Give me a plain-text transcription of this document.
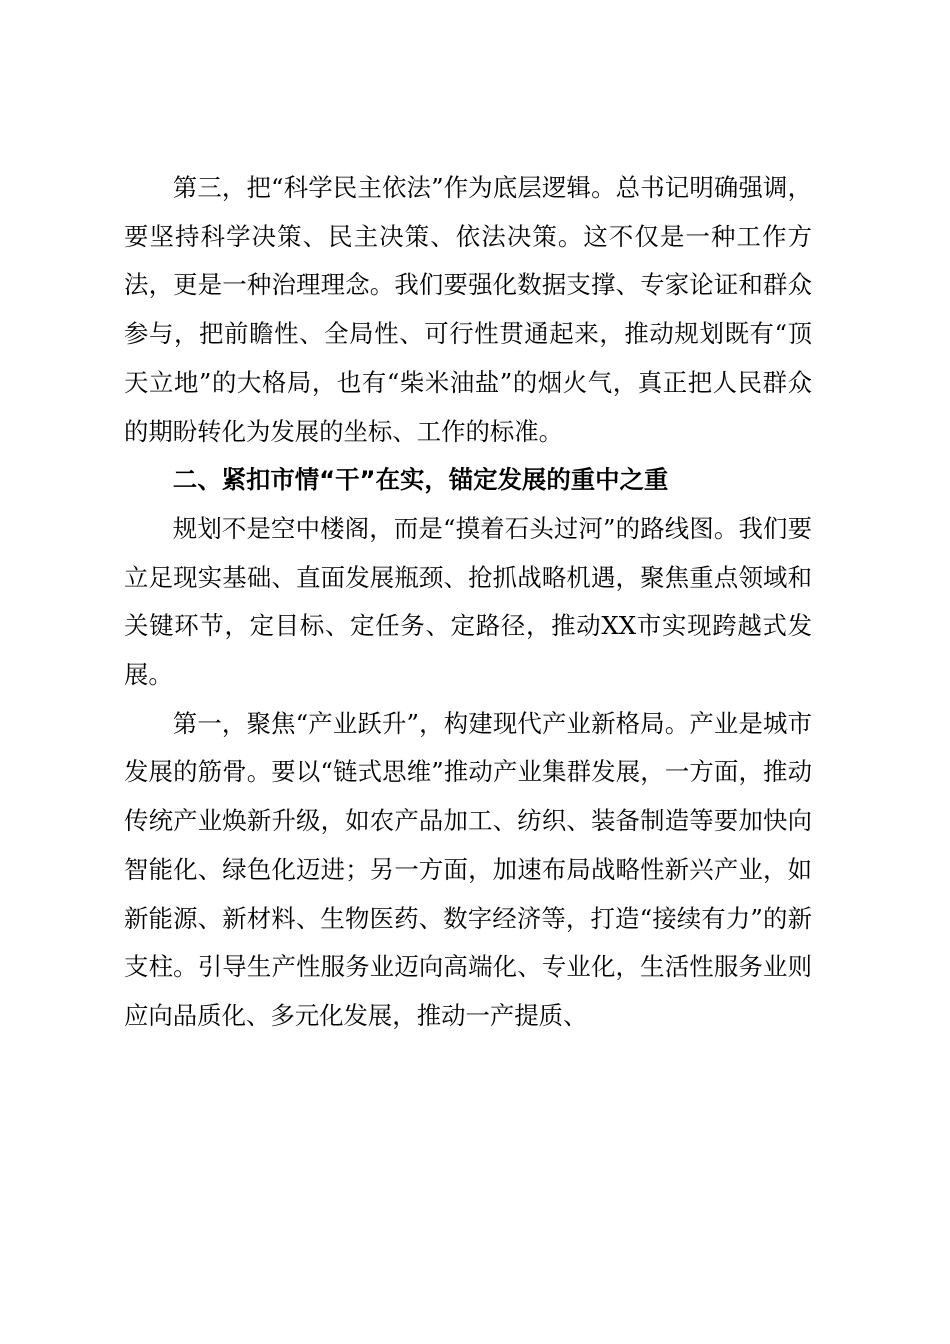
第三，把“科学民主依法”作为底层逻辑。总书记明确强调，要坚持科学决策、民主决策、依法决策。这不仅是一种工作方法，更是一种治理理念。我们要强化数据支撑、专家论证和群众参与，把前瞻性、全局性、可行性贯通起来，推动规划既有“顶天立地”的大格局，也有“柴米油盐”的烟火气，真正把人民群众的期盼转化为发展的坐标、工作的标准。

二、紧扣市情“干”在实，锚定发展的重中之重

规划不是空中楼阁，而是“摸着石头过河”的路线图。我们要立足现实基础、直面发展瓶颈、抢抓战略机遇，聚焦重点领域和关键环节，定目标、定任务、定路径，推动XX市实现跨越式发展。

第一，聚焦“产业跃升”，构建现代产业新格局。产业是城市发展的筋骨。要以“链式思维”推动产业集群发展，一方面，推动传统产业焕新升级，如农产品加工、纺织、装备制造等要加快向智能化、绿色化迈进；另一方面，加速布局战略性新兴产业，如新能源、新材料、生物医药、数字经济等，打造“接续有力”的新支柱。引导生产性服务业迈向高端化、专业化，生活性服务业则应向品质化、多元化发展，推动一产提质、
